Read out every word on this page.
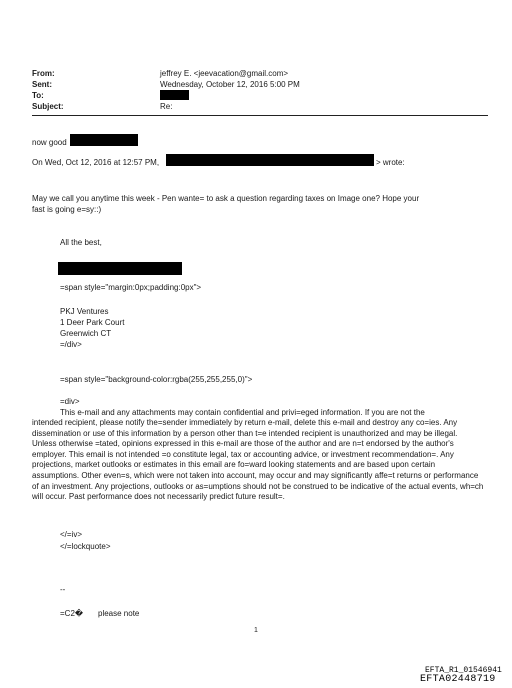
From:	jeffrey E. <jeevacation@gmail.com>
Sent:	Wednesday, October 12, 2016 5:00 PM
To:
Subject:	Re:
now good
On Wed, Oct 12, 2016 at 12:57 PM,	> wrote:
May we call you anytime this week - Pen wante= to ask a question regarding taxes on Image one? Hope your
fast is going e=sy::)
All the best,
=span style="margin:0px;padding:0px">
PKJ Ventures
1 Deer Park Court
Greenwich CT
=/div>
=span style="background-color:rgba(255,255,255,0)">
=div>
This e-mail and any attachments may contain confidential and privi=eged information. If you are not the

intended recipient, please notify the=sender immediately by return e-mail, delete this e-mail and destroy any co=ies. Any dissemination or use of this information by a person other than t=e intended recipient is unauthorized and may be illegal. Unless otherwise =tated, opinions expressed in this e-mail are those of the author and are n=t endorsed by the author's employer. This email is not intended =o constitute legal, tax or accounting advice, or investment recommendation=. Any projections, market outlooks or estimates in this email are fo=ward looking statements and are based upon certain assumptions. Other even=s, which were not taken into account, may occur and may significantly affe=t returns or performance of an investment. Any projections, outlooks or as=umptions should not be construed to be indicative of the actual events, wh=ch will occur. Past performance does not necessarily predict future result=.

</=iv>
</=lockquote>
--
=C2� please note
1
EFTA_R1_01546941
EFTA02448719
